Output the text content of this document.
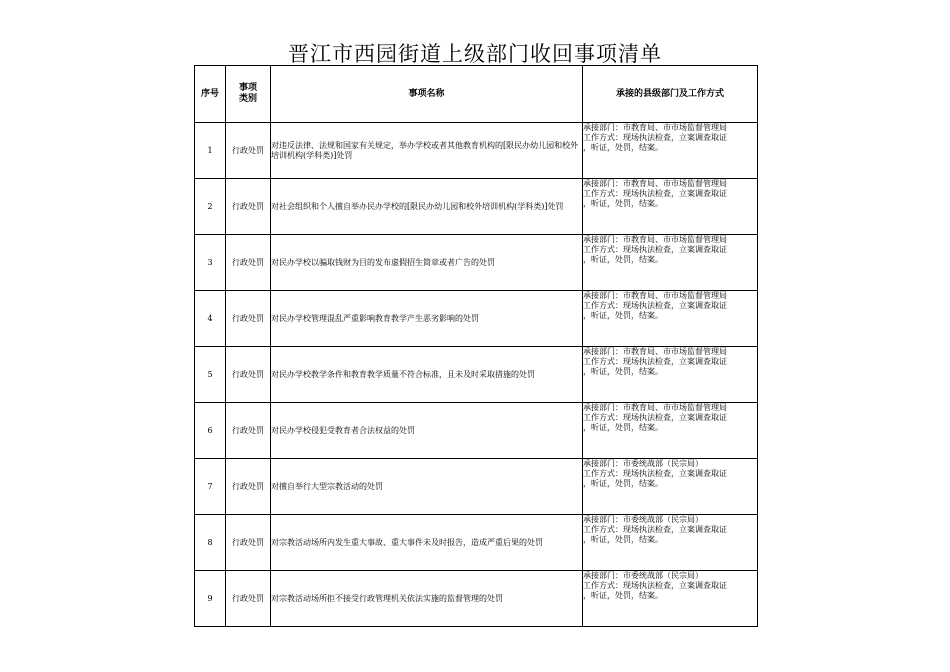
晋江市西园街道上级部门收回事项清单
序号	事项类别	事项名称	承接的县级部门及工作方式
1	行政处罚	对违反法律、法规和国家有关规定，举办学校或者其他教育机构的[限民办幼儿园和校外培训机构(学科类)]处罚	承接部门：市教育局、市市场监督管理局
工作方式：现场执法检查，立案调查取证
，听证，处罚，结案。

2	行政处罚	对社会组织和个人擅自举办民办学校的[限民办幼儿园和校外培训机构(学科类)]处罚	承接部门：市教育局、市市场监督管理局
工作方式：现场执法检查，立案调查取证
，听证，处罚，结案。

3	行政处罚	对民办学校以骗取钱财为目的发布虚假招生简章或者广告的处罚	承接部门：市教育局、市市场监督管理局
工作方式：现场执法检查，立案调查取证
，听证，处罚，结案。

4	行政处罚	对民办学校管理混乱严重影响教育教学产生恶劣影响的处罚	承接部门：市教育局、市市场监督管理局
工作方式：现场执法检查，立案调查取证
，听证，处罚，结案。

5	行政处罚	对民办学校教学条件和教育教学质量不符合标准，且未及时采取措施的处罚	承接部门：市教育局、市市场监督管理局
工作方式：现场执法检查，立案调查取证
，听证，处罚，结案。

6	行政处罚	对民办学校侵犯受教育者合法权益的处罚	承接部门：市教育局、市市场监督管理局
工作方式：现场执法检查，立案调查取证
，听证，处罚，结案。

7	行政处罚	对擅自举行大型宗教活动的处罚	承接部门：市委统战部（民宗局）
工作方式：现场执法检查，立案调查取证
，听证，处罚，结案。

8	行政处罚	对宗教活动场所内发生重大事故、重大事件未及时报告，造成严重后果的处罚	承接部门：市委统战部（民宗局）
工作方式：现场执法检查，立案调查取证
，听证，处罚，结案。

9	行政处罚	对宗教活动场所拒不接受行政管理机关依法实施的监督管理的处罚	承接部门：市委统战部（民宗局）
工作方式：现场执法检查，立案调查取证
，听证，处罚，结案。
